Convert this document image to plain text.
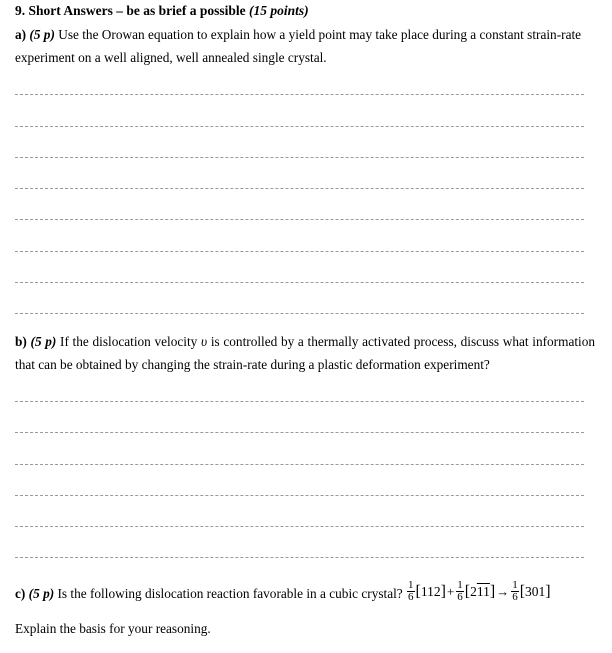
9. Short Answers – be as brief a possible (15 points)
a) (5 p) Use the Orowan equation to explain how a yield point may take place during a constant strain-rate experiment on a well aligned, well annealed single crystal.
b) (5 p) If the dislocation velocity υ is controlled by a thermally activated process, discuss what information that can be obtained by changing the strain-rate during a plastic deformation experiment?
c) (5 p) Is the following dislocation reaction favorable in a cubic crystal? $\frac{1}{6} [112]+ \frac{1}{6} [211]\to \frac{1}{6} [301]$
Explain the basis for your reasoning.
